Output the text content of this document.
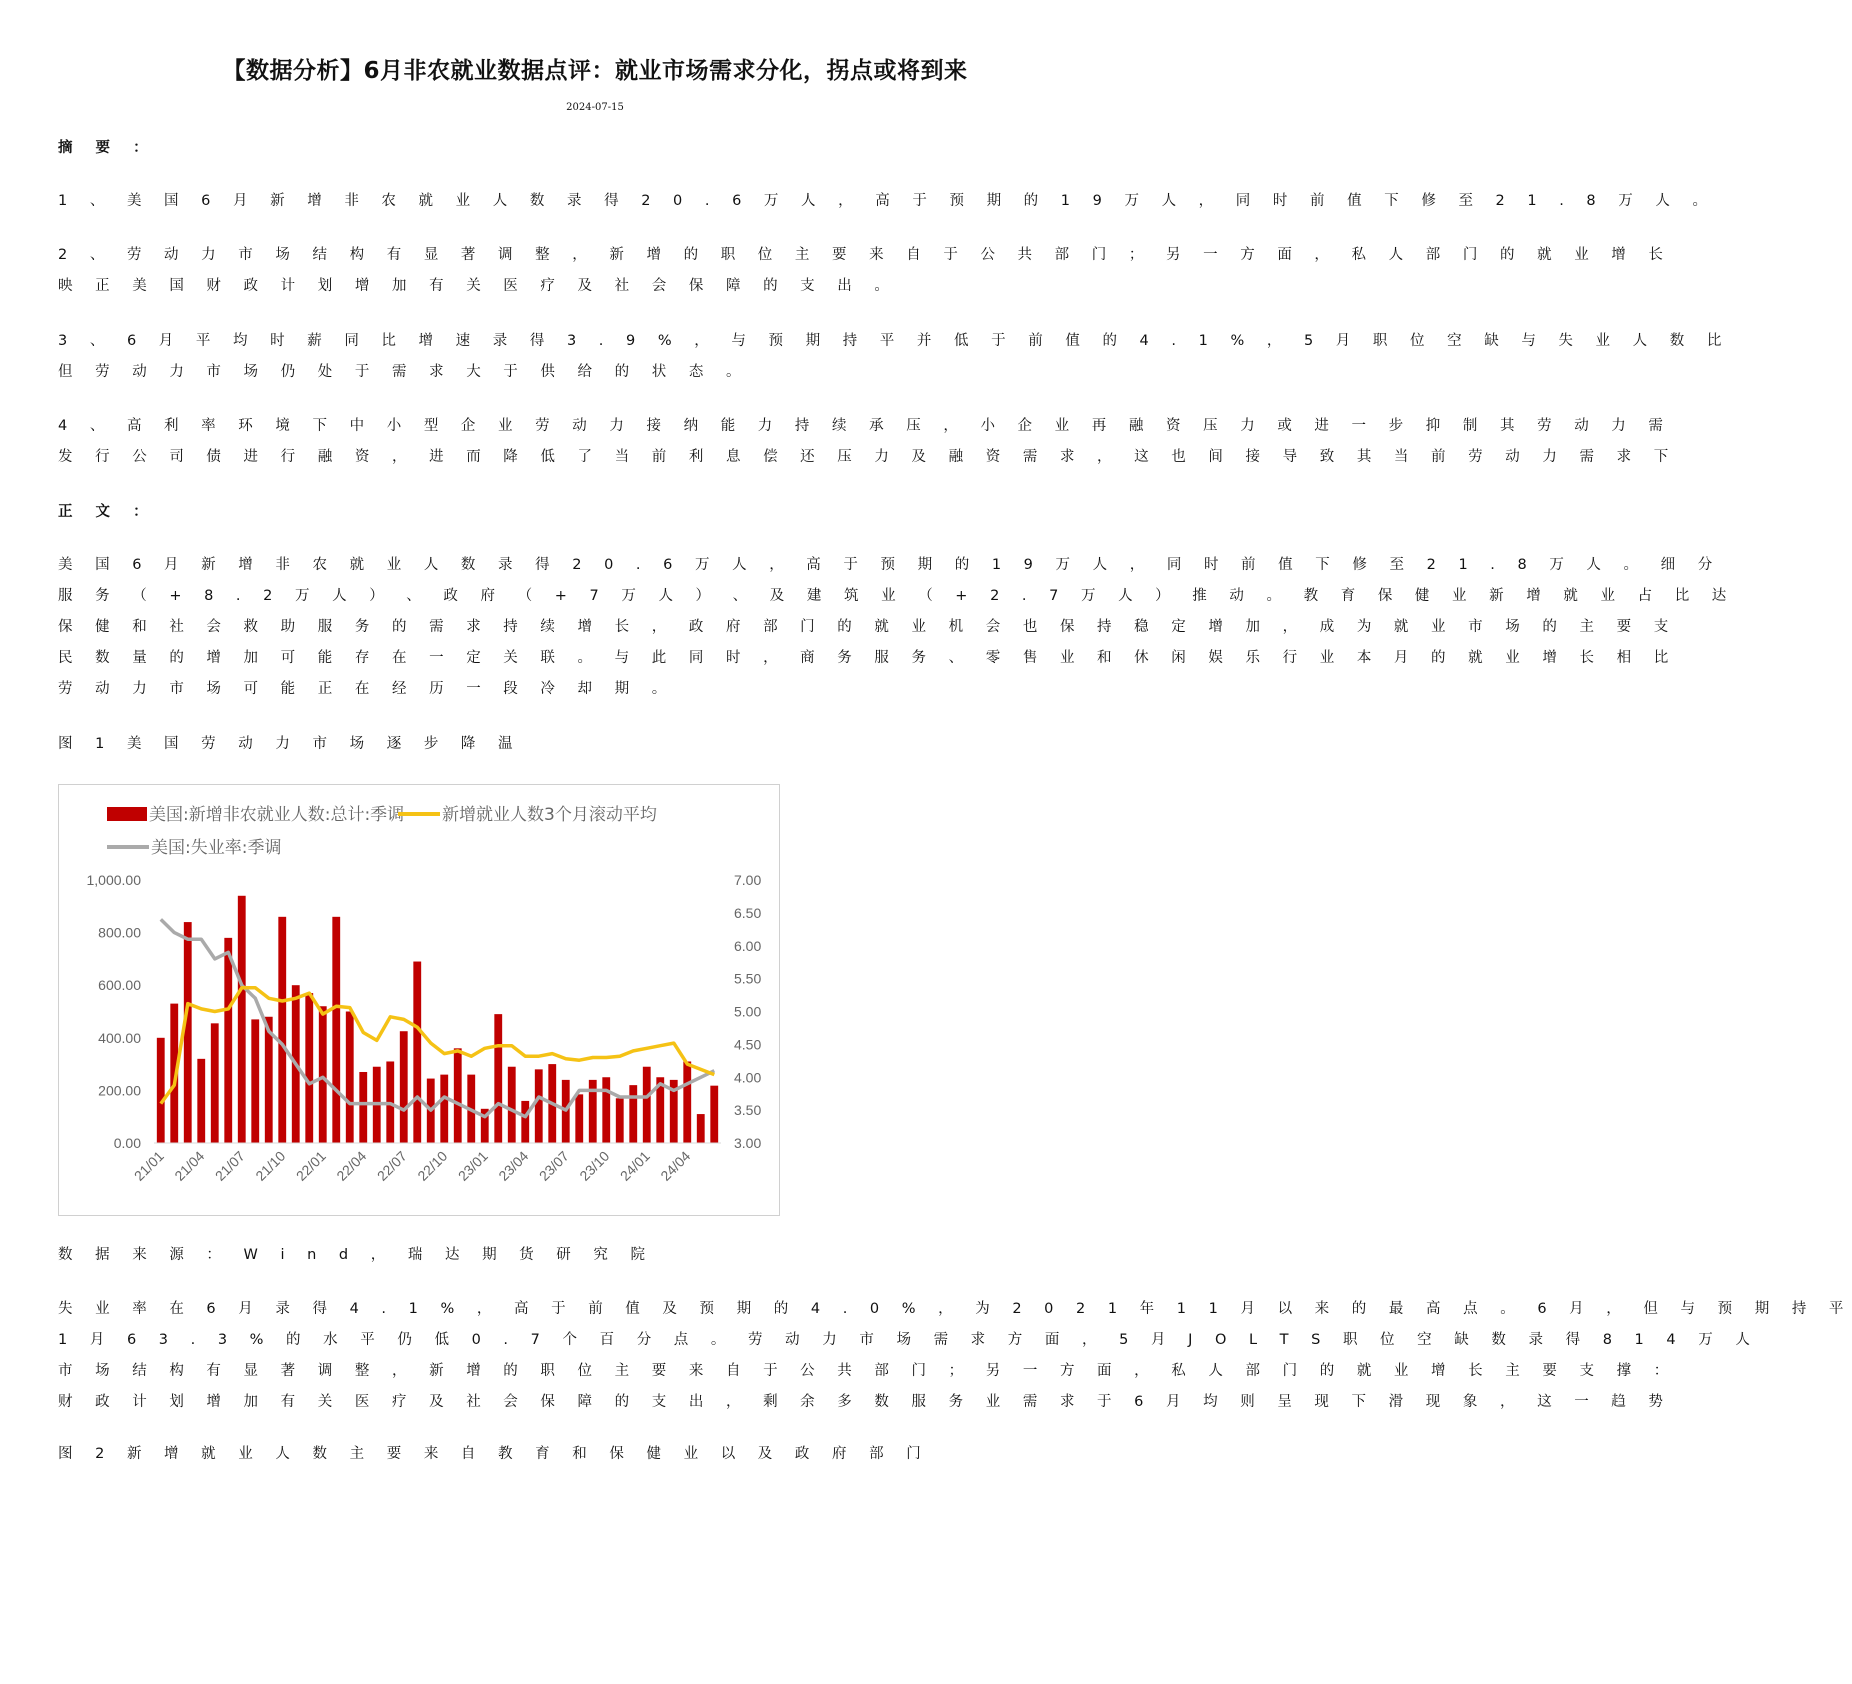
【数据分析】6月非农就业数据点评：就业市场需求分化，拐点或将到来
2024-07-15
摘 要 ：
1 、 美 国 6 月 新 增 非 农 就 业 人 数 录 得 2 0 . 6 万 人 ， 高 于 预 期 的 1 9 万 人 ， 同 时 前 值 下 修 至 2 1 . 8 万 人 。
2 、 劳 动 力 市 场 结 构 有 显 著 调 整 ， 新 增 的 职 位 主 要 来 自 于 公 共 部 门 ； 另 一 方 面 ， 私 人 部 门 的 就 业 增 长
映 正 美 国 财 政 计 划 增 加 有 关 医 疗 及 社 会 保 障 的 支 出 。
3 、 6 月 平 均 时 薪 同 比 增 速 录 得 3 . 9 % ， 与 预 期 持 平 并 低 于 前 值 的 4 . 1 % ， 5 月 职 位 空 缺 与 失 业 人 数 比
但 劳 动 力 市 场 仍 处 于 需 求 大 于 供 给 的 状 态 。
4 、 高 利 率 环 境 下 中 小 型 企 业 劳 动 力 接 纳 能 力 持 续 承 压 ， 小 企 业 再 融 资 压 力 或 进 一 步 抑 制 其 劳 动 力 需
发 行 公 司 债 进 行 融 资 ， 进 而 降 低 了 当 前 利 息 偿 还 压 力 及 融 资 需 求 ， 这 也 间 接 导 致 其 当 前 劳 动 力 需 求 下
正 文 ：
美 国 6 月 新 增 非 农 就 业 人 数 录 得 2 0 . 6 万 人 ， 高 于 预 期 的 1 9 万 人 ， 同 时 前 值 下 修 至 2 1 . 8 万 人 。 细 分
服 务 （ + 8 . 2 万 人 ） 、 政 府 （ + 7 万 人 ） 、 及 建 筑 业 （ + 2 . 7 万 人 ） 推 动 。 教 育 保 健 业 新 增 就 业 占 比 达
保 健 和 社 会 救 助 服 务 的 需 求 持 续 增 长 ， 政 府 部 门 的 就 业 机 会 也 保 持 稳 定 增 加 ， 成 为 就 业 市 场 的 主 要 支
民 数 量 的 增 加 可 能 存 在 一 定 关 联 。 与 此 同 时 ， 商 务 服 务 、 零 售 业 和 休 闲 娱 乐 行 业 本 月 的 就 业 增 长 相 比
劳 动 力 市 场 可 能 正 在 经 历 一 段 冷 却 期 。
图 1 美 国 劳 动 力 市 场 逐 步 降 温
0.00
200.00
400.00
600.00
800.00
1,000.00
3.00
3.50
4.00
4.50
5.00
5.50
6.00
6.50
7.00
21/01 21/04 21/07 21/10 22/01 22/04 22/07 22/10 23/01 23/04 23/07 23/10 24/01 24/04
美国:新增非农就业人数:总计:季调 新增就业人数3个月滚动平均
美国:失业率:季调
数 据 来 源 ： W i n d ， 瑞 达 期 货 研 究 院
失 业 率 在 6 月 录 得 4 . 1 % ， 高 于 前 值 及 预 期 的 4 . 0 % ， 为 2 0 2 1 年 1 1 月 以 来 的 最 高 点 。 6 月 ， 但 与 预 期 持 平
1 月 6 3 . 3 % 的 水 平 仍 低 0 . 7 个 百 分 点 。 劳 动 力 市 场 需 求 方 面 ， 5 月 J O L T S 职 位 空 缺 数 录 得 8 1 4 万 人
市 场 结 构 有 显 著 调 整 ， 新 增 的 职 位 主 要 来 自 于 公 共 部 门 ； 另 一 方 面 ， 私 人 部 门 的 就 业 增 长 主 要 支 撑 ：
财 政 计 划 增 加 有 关 医 疗 及 社 会 保 障 的 支 出 ， 剩 余 多 数 服 务 业 需 求 于 6 月 均 则 呈 现 下 滑 现 象 ， 这 一 趋 势
图 2 新 增 就 业 人 数 主 要 来 自 教 育 和 保 健 业 以 及 政 府 部 门
